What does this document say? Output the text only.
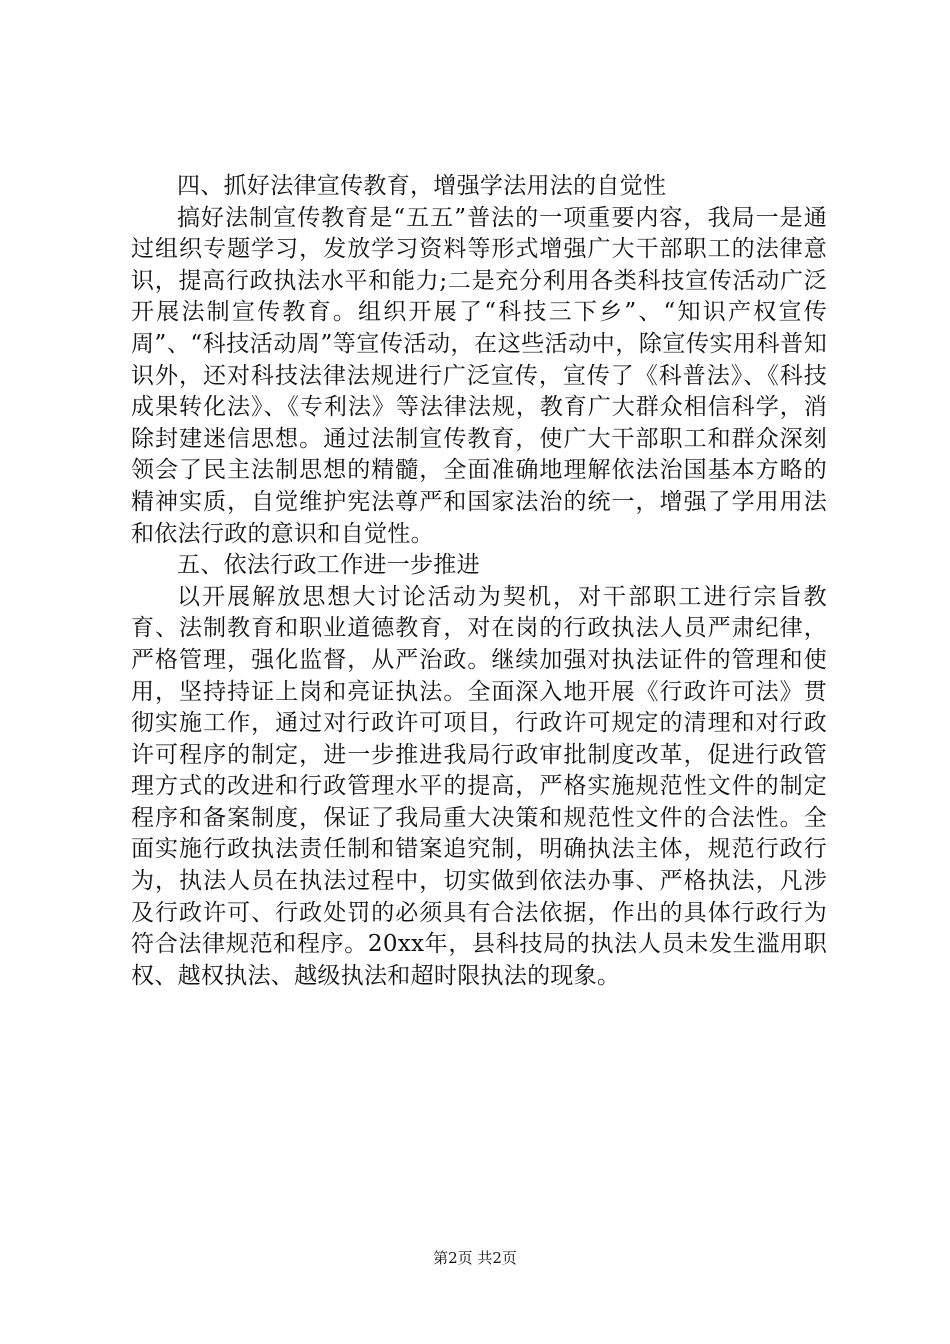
四、抓好法律宣传教育，增强学法用法的自觉性

搞好法制宣传教育是“五五”普法的一项重要内容，我局一是通过组织专题学习，发放学习资料等形式增强广大干部职工的法律意识，提高行政执法水平和能力;二是充分利用各类科技宣传活动广泛开展法制宣传教育。组织开展了“科技三下乡”、“知识产权宣传周”、“科技活动周”等宣传活动，在这些活动中，除宣传实用科普知识外，还对科技法律法规进行广泛宣传，宣传了《科普法》、《科技成果转化法》、《专利法》等法律法规，教育广大群众相信科学，消除封建迷信思想。通过法制宣传教育，使广大干部职工和群众深刻领会了民主法制思想的精髓，全面准确地理解依法治国基本方略的精神实质，自觉维护宪法尊严和国家法治的统一，增强了学用用法和依法行政的意识和自觉性。

五、依法行政工作进一步推进

以开展解放思想大讨论活动为契机，对干部职工进行宗旨教育、法制教育和职业道德教育，对在岗的行政执法人员严肃纪律，严格管理，强化监督，从严治政。继续加强对执法证件的管理和使用，坚持持证上岗和亮证执法。全面深入地开展《行政许可法》贯彻实施工作，通过对行政许可项目，行政许可规定的清理和对行政许可程序的制定，进一步推进我局行政审批制度改革，促进行政管理方式的改进和行政管理水平的提高，严格实施规范性文件的制定程序和备案制度，保证了我局重大决策和规范性文件的合法性。全面实施行政执法责任制和错案追究制，明确执法主体，规范行政行为，执法人员在执法过程中，切实做到依法办事、严格执法，凡涉及行政许可、行政处罚的必须具有合法依据，作出的具体行政行为符合法律规范和程序。20xx年，县科技局的执法人员未发生滥用职权、越权执法、越级执法和超时限执法的现象。

第2页 共2页
